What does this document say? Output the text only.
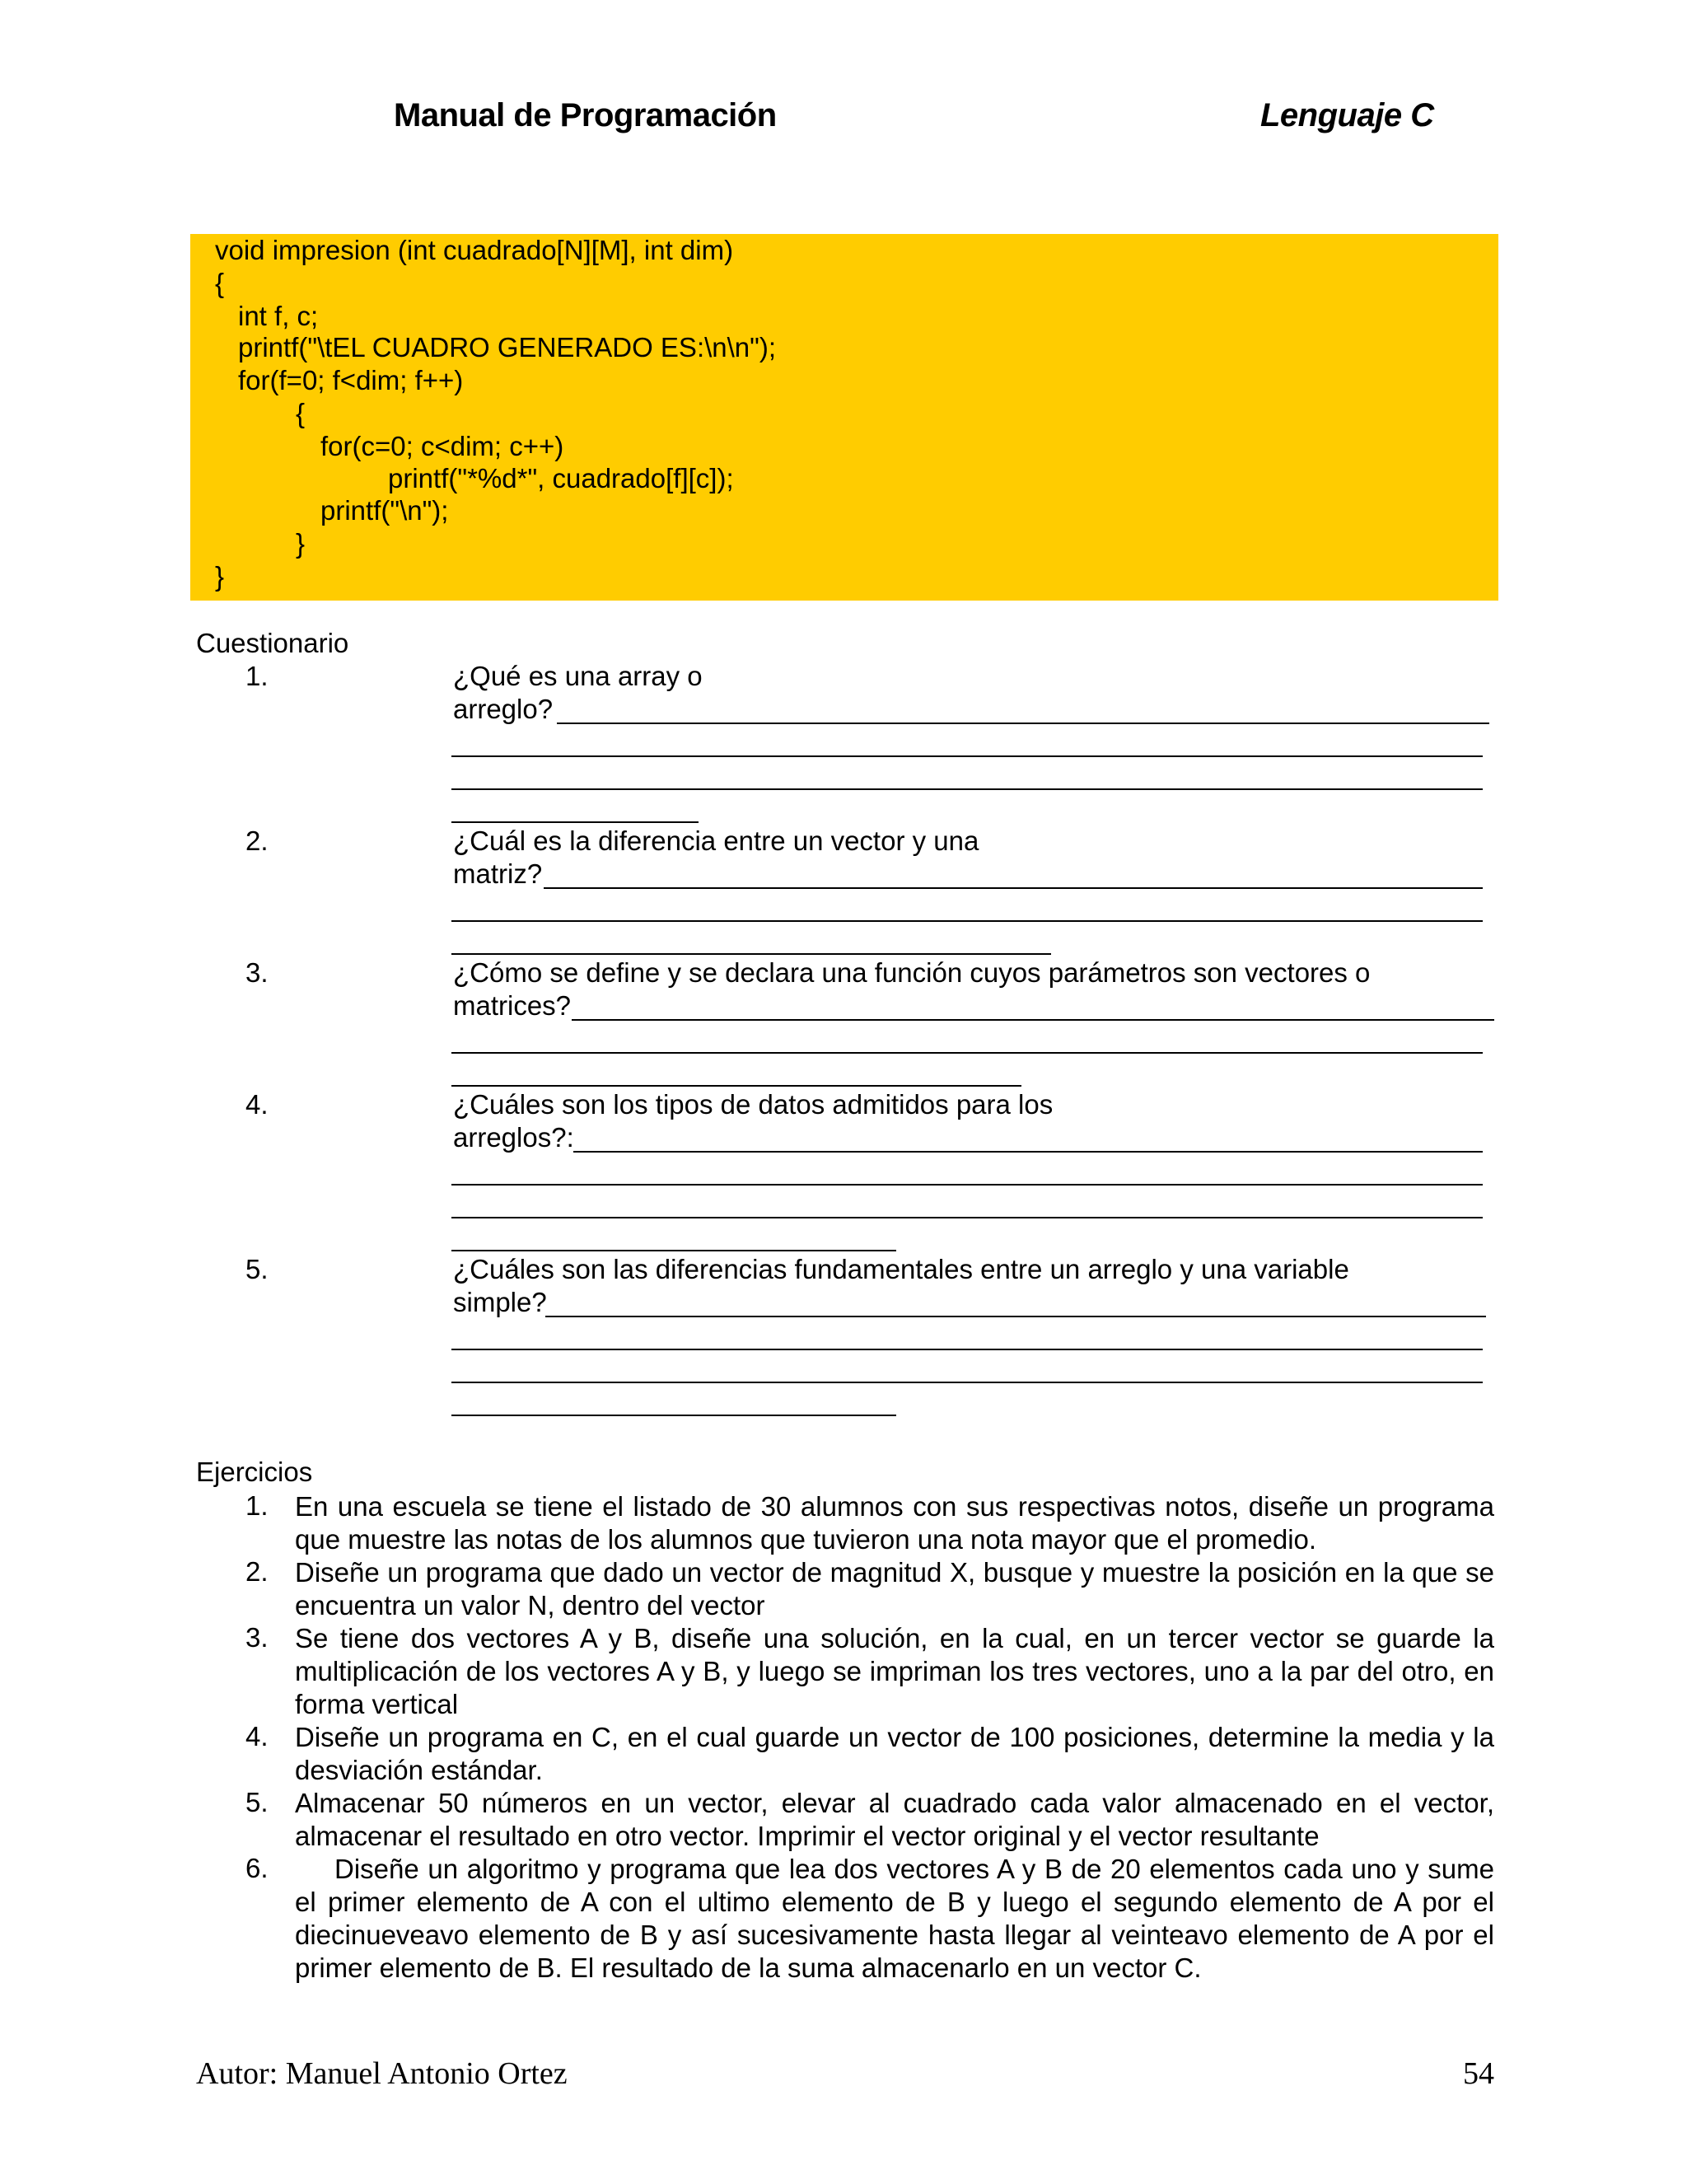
Manual de Programación	Lenguaje C
void impresion (int cuadrado[N][M], int dim)
{
int f, c;
printf("\tEL CUADRO GENERADO ES:\n\n");
for(f=0; f<dim; f++)
{
for(c=0; c<dim; c++)
printf("*%d*", cuadrado[f][c]);
printf("\n");
}
}
Cuestionario
1.	¿Qué es una array o
arreglo?
2.	¿Cuál es la diferencia entre un vector y una
matriz?
3.	¿Cómo se define y se declara una función cuyos parámetros son vectores o
matrices?
4.	¿Cuáles son los tipos de datos admitidos para los
arreglos?:
5.	¿Cuáles son las diferencias fundamentales entre un arreglo y una variable
simple?
Ejercicios
1. En una escuela se tiene el listado de 30 alumnos con sus respectivas notos, diseñe un programa que muestre las notas de los alumnos que tuvieron una nota mayor que el promedio.
2. Diseñe un programa que dado un vector de magnitud X, busque y muestre la posición en la que se encuentra un valor N, dentro del vector
3. Se tiene dos vectores A y B, diseñe una solución, en la cual, en un tercer vector se guarde la multiplicación de los vectores A y B, y luego se impriman los tres vectores, uno a la par del otro, en forma vertical
4. Diseñe un programa en C, en el cual guarde un vector de 100 posiciones, determine la media y la desviación estándar.
5. Almacenar 50 números en un vector, elevar al cuadrado cada valor almacenado en el vector, almacenar el resultado en otro vector. Imprimir el vector original y el vector resultante
6.	Diseñe un algoritmo y programa que lea dos vectores A y B de 20 elementos cada uno y sume el primer elemento de A con el ultimo elemento de B y luego el segundo elemento de A por el diecinueveavo elemento de B y así sucesivamente hasta llegar al veinteavo elemento de A por el primer elemento de B. El resultado de la suma almacenarlo en un vector C.
Autor: Manuel Antonio Ortez	54
